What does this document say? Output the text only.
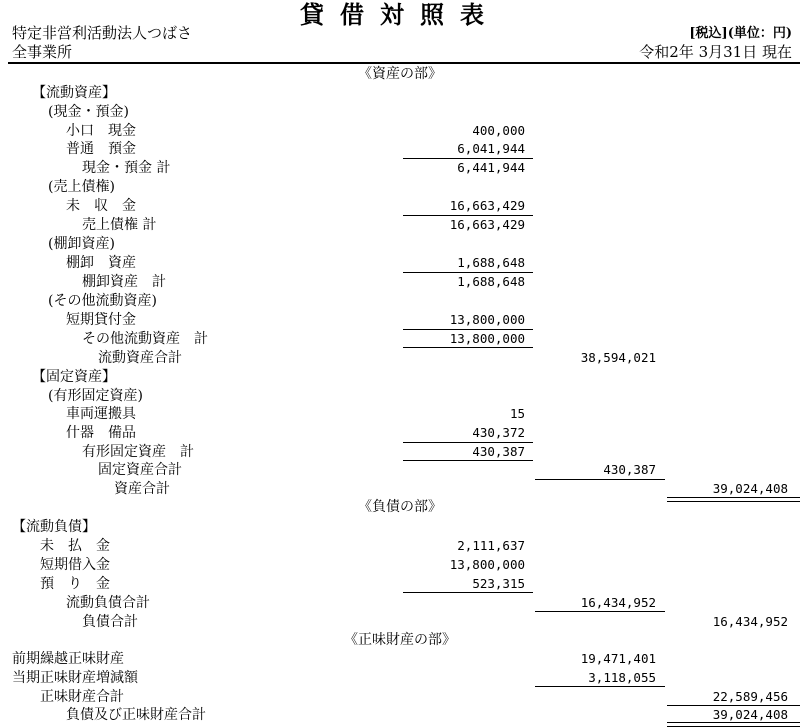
貸借対照表
特定非営利活動法人つばさ
全事業所
[税込](単位：円)
令和2年 3月31日 現在
《資産の部》
【流動資産】
(現金・預金)
小口　現金	400,000
普通　預金	6,041,944
現金・預金 計	6,441,944
(売上債権)
未　収　金	16,663,429
売上債権 計	16,663,429
(棚卸資産)
棚卸　資産	1,688,648
棚卸資産　計	1,688,648
(その他流動資産)
短期貸付金	13,800,000
その他流動資産　計	13,800,000
流動資産合計	38,594,021
【固定資産】
(有形固定資産)
車両運搬具	15
什器　備品	430,372
有形固定資産　計	430,387
固定資産合計	430,387
資産合計	39,024,408
《負債の部》
【流動負債】
未　払　金	2,111,637
短期借入金	13,800,000
預　り　金	523,315
流動負債合計	16,434,952
負債合計	16,434,952
《正味財産の部》
前期繰越正味財産	19,471,401
当期正味財産増減額	3,118,055
正味財産合計	22,589,456
負債及び正味財産合計	39,024,408
